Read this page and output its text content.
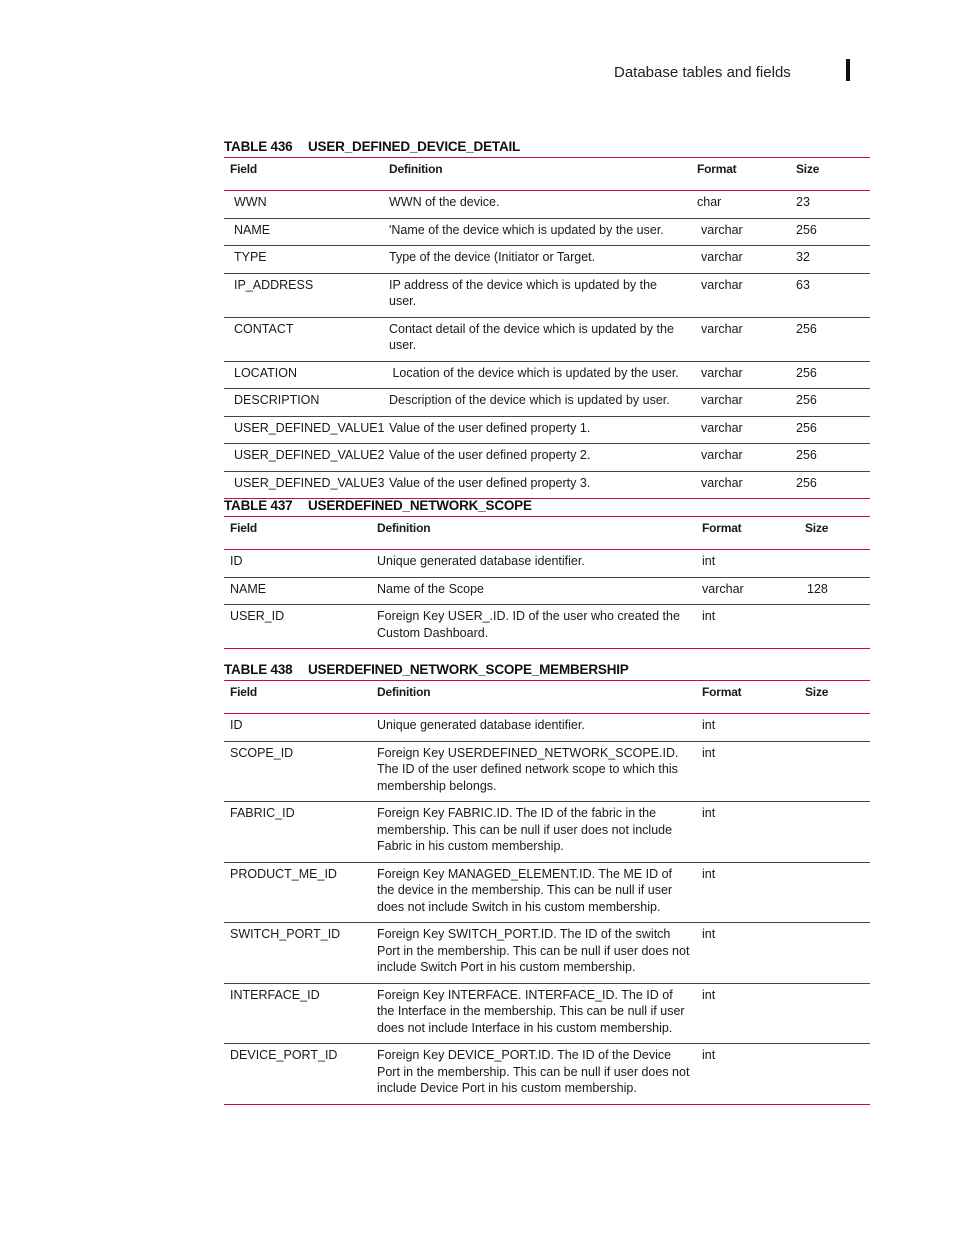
Database tables and fields
TABLE 436 USER_DEFINED_DEVICE_DETAIL
Field	Definition	Format	Size
WWN	WWN of the device.	char	23
NAME	'Name of the device which is updated by the user.	varchar	256
TYPE	Type of the device (Initiator or Target.	varchar	32
IP_ADDRESS	IP address of the device which is updated by the user.	varchar	63
CONTACT	Contact detail of the device which is updated by the user.	varchar	256
LOCATION	Location of the device which is updated by the user.	varchar	256
DESCRIPTION	Description of the device which is updated by user.	varchar	256
USER_DEFINED_VALUE1	Value of the user defined property 1.	varchar	256
USER_DEFINED_VALUE2	Value of the user defined property 2.	varchar	256
USER_DEFINED_VALUE3	Value of the user defined property 3.	varchar	256
TABLE 437 USERDEFINED_NETWORK_SCOPE
Field	Definition	Format	Size
ID	Unique generated database identifier.	int	
NAME	Name of the Scope	varchar	128
USER_ID	Foreign Key USER_.ID. ID of the user who created the Custom Dashboard.	int	
TABLE 438 USERDEFINED_NETWORK_SCOPE_MEMBERSHIP
Field	Definition	Format	Size
ID	Unique generated database identifier.	int	
SCOPE_ID	Foreign Key USERDEFINED_NETWORK_SCOPE.ID. The ID of the user defined network scope to which this membership belongs.	int	
FABRIC_ID	Foreign Key FABRIC.ID. The ID of the fabric in the membership. This can be null if user does not include Fabric in his custom membership.	int	
PRODUCT_ME_ID	Foreign Key MANAGED_ELEMENT.ID. The ME ID of the device in the membership. This can be null if user does not include Switch in his custom membership.	int	
SWITCH_PORT_ID	Foreign Key SWITCH_PORT.ID. The ID of the switch Port in the membership. This can be null if user does not include Switch Port in his custom membership.	int	
INTERFACE_ID	Foreign Key INTERFACE. INTERFACE_ID. The ID of the Interface in the membership. This can be null if user does not include Interface in his custom membership.	int	
DEVICE_PORT_ID	Foreign Key DEVICE_PORT.ID. The ID of the Device Port in the membership. This can be null if user does not include Device Port in his custom membership.	int	
